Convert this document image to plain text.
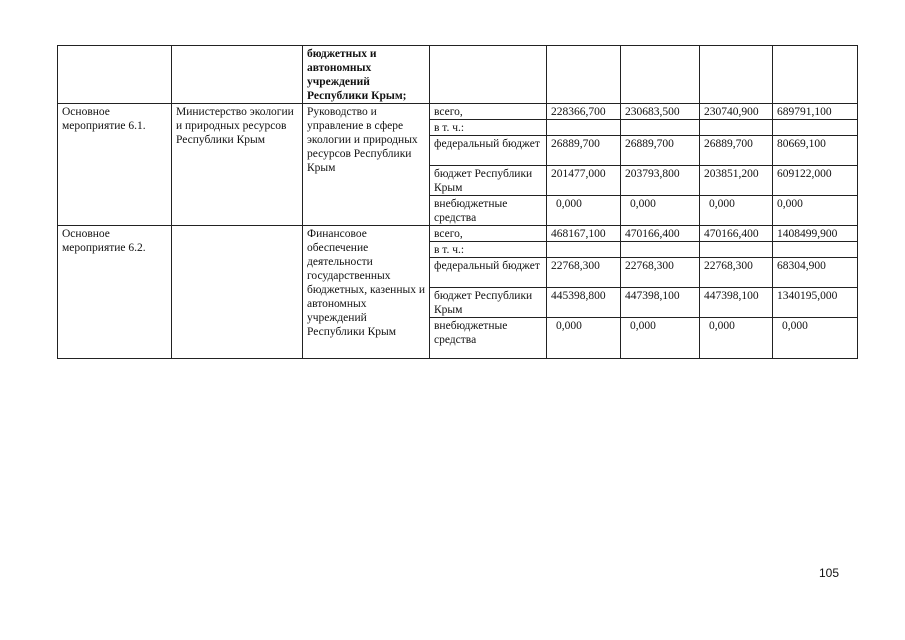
		бюджетных и автономных учреждений Республики Крым;					
Основное мероприятие 6.1.	Министерство экологии и природных ресурсов Республики Крым	Руководство и управление в сфере экологии и природных ресурсов Республики Крым	всего,	228366,700	230683,500	230740,900	689791,100
			в т. ч.:				
			федеральный бюджет	26889,700	26889,700	26889,700	80669,100
			бюджет Республики Крым	201477,000	203793,800	203851,200	609122,000
			внебюджетные средства	0,000	0,000	0,000	0,000
Основное мероприятие 6.2.		Финансовое обеспечение деятельности государственных бюджетных, казенных и автономных учреждений Республики Крым	всего,	468167,100	470166,400	470166,400	1408499,900
			в т. ч.:				
			федеральный бюджет	22768,300	22768,300	22768,300	68304,900
			бюджет Республики Крым	445398,800	447398,100	447398,100	1340195,000
			внебюджетные средства	0,000	0,000	0,000	0,000
105
